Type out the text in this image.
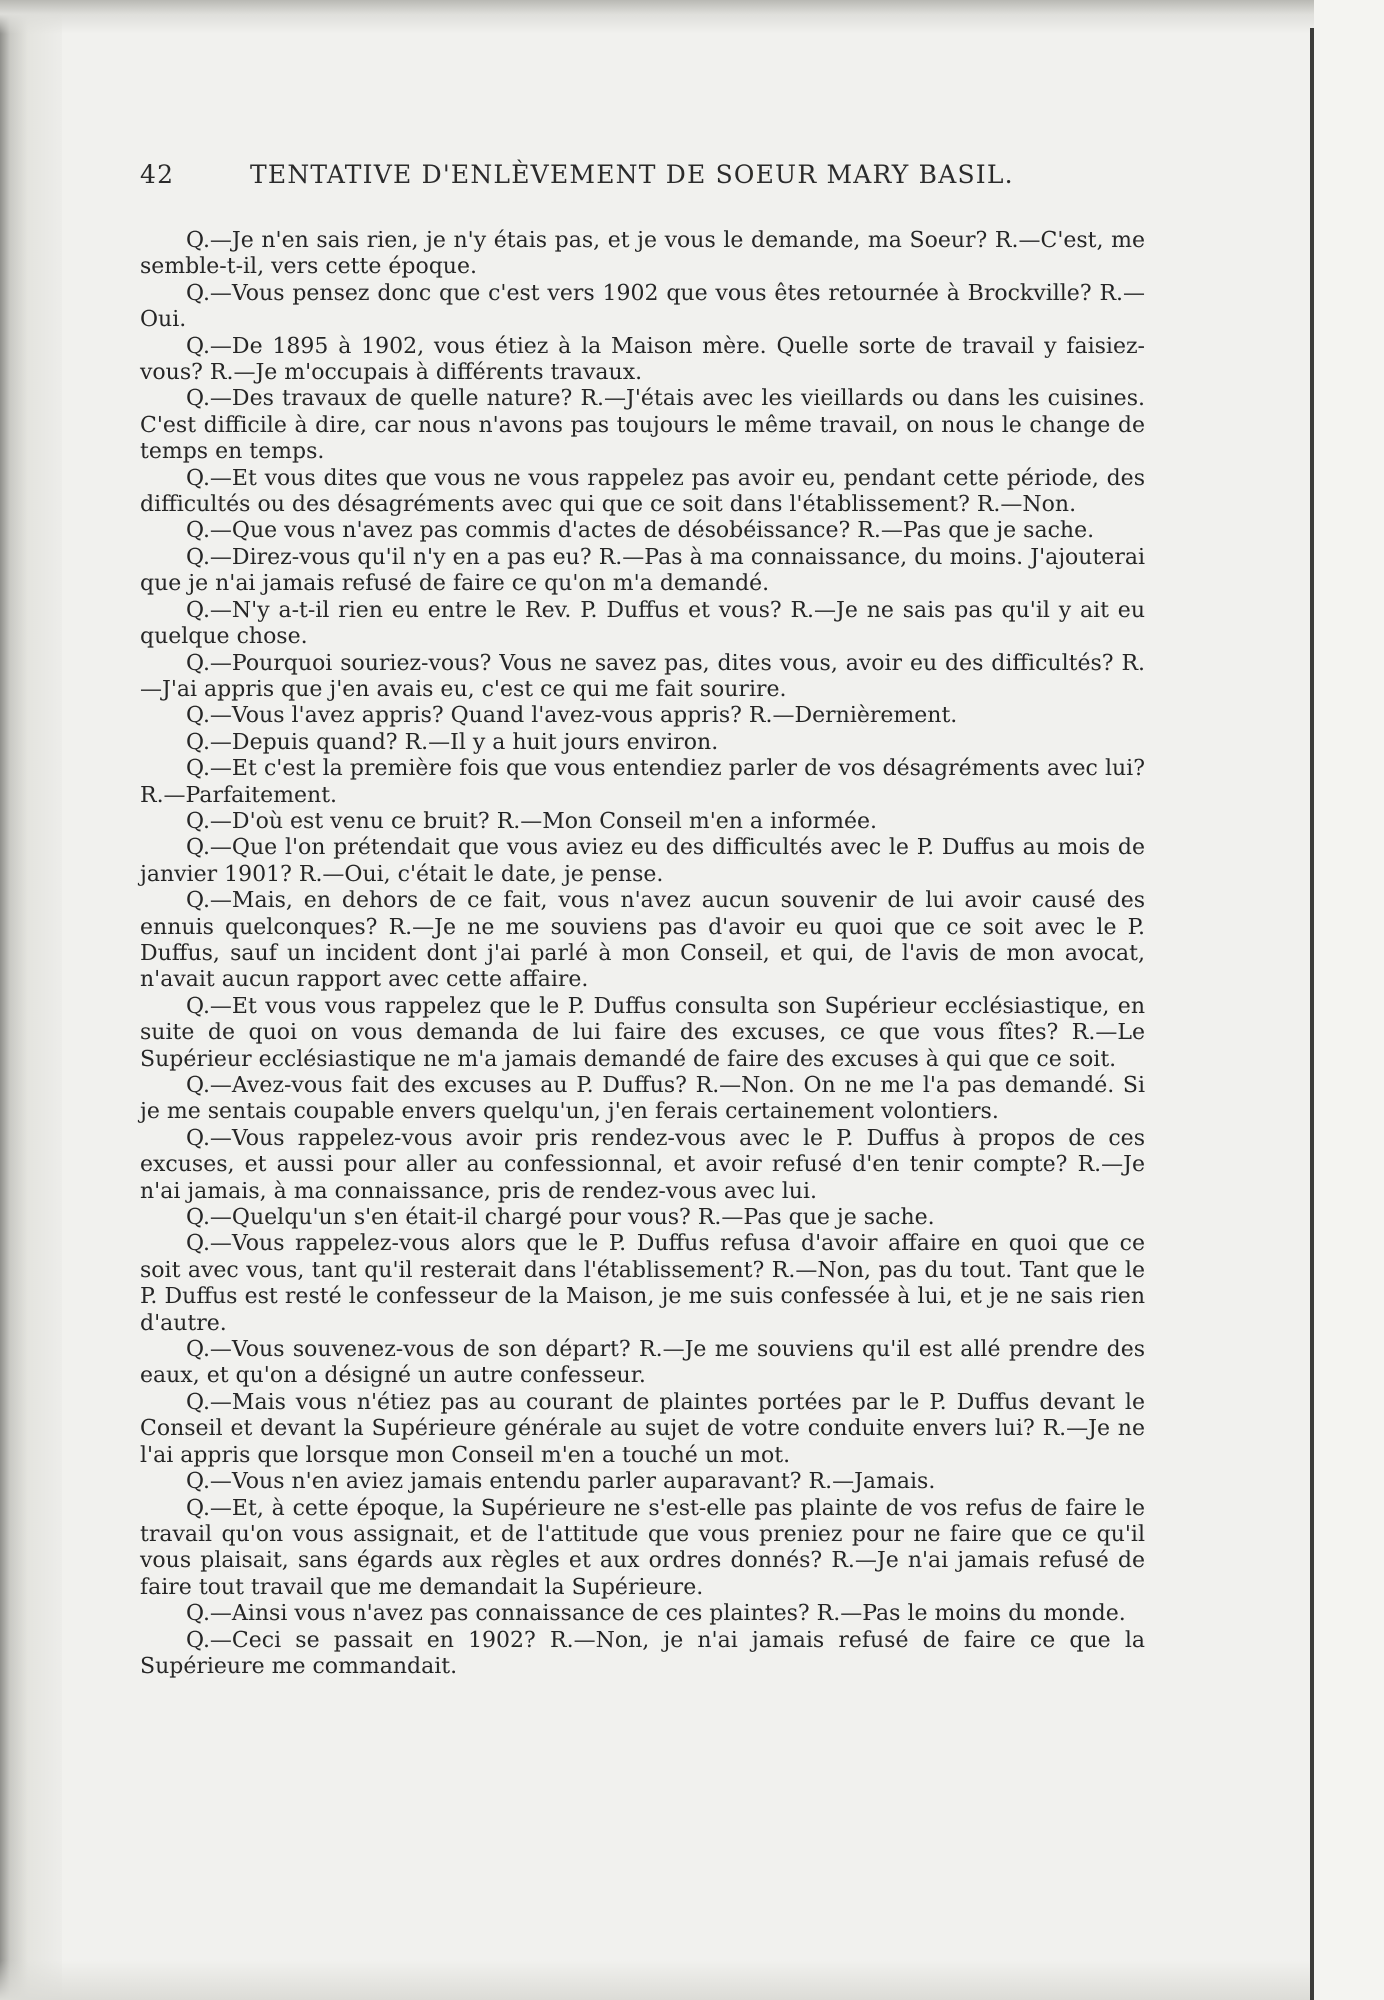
42	TENTATIVE D'ENLÈVEMENT DE SOEUR MARY BASIL.

Q.—Je n'en sais rien, je n'y étais pas, et je vous le demande, ma Soeur? R.—C'est, me semble-t-il, vers cette époque.

Q.—Vous pensez donc que c'est vers 1902 que vous êtes retournée à Brockville? R.—Oui.

Q.—De 1895 à 1902, vous étiez à la Maison mère. Quelle sorte de travail y faisiez-vous? R.—Je m'occupais à différents travaux.

Q.—Des travaux de quelle nature? R.—J'étais avec les vieillards ou dans les cuisines. C'est difficile à dire, car nous n'avons pas toujours le même travail, on nous le change de temps en temps.

Q.—Et vous dites que vous ne vous rappelez pas avoir eu, pendant cette période, des difficultés ou des désagréments avec qui que ce soit dans l'établissement? R.—Non.

Q.—Que vous n'avez pas commis d'actes de désobéissance? R.—Pas que je sache.

Q.—Direz-vous qu'il n'y en a pas eu? R.—Pas à ma connaissance, du moins. J'ajouterai que je n'ai jamais refusé de faire ce qu'on m'a demandé.

Q.—N'y a-t-il rien eu entre le Rev. P. Duffus et vous? R.—Je ne sais pas qu'il y ait eu quelque chose.

Q.—Pourquoi souriez-vous? Vous ne savez pas, dites vous, avoir eu des difficultés? R.—J'ai appris que j'en avais eu, c'est ce qui me fait sourire.

Q.—Vous l'avez appris? Quand l'avez-vous appris? R.—Dernièrement.

Q.—Depuis quand? R.—Il y a huit jours environ.

Q.—Et c'est la première fois que vous entendiez parler de vos désagréments avec lui? R.—Parfaitement.

Q.—D'où est venu ce bruit? R.—Mon Conseil m'en a informée.

Q.—Que l'on prétendait que vous aviez eu des difficultés avec le P. Duffus au mois de janvier 1901? R.—Oui, c'était le date, je pense.

Q.—Mais, en dehors de ce fait, vous n'avez aucun souvenir de lui avoir causé des ennuis quelconques? R.—Je ne me souviens pas d'avoir eu quoi que ce soit avec le P. Duffus, sauf un incident dont j'ai parlé à mon Conseil, et qui, de l'avis de mon avocat, n'avait aucun rapport avec cette affaire.

Q.—Et vous vous rappelez que le P. Duffus consulta son Supérieur ecclésiastique, en suite de quoi on vous demanda de lui faire des excuses, ce que vous fîtes? R.—Le Supérieur ecclésiastique ne m'a jamais demandé de faire des excuses à qui que ce soit.

Q.—Avez-vous fait des excuses au P. Duffus? R.—Non. On ne me l'a pas demandé. Si je me sentais coupable envers quelqu'un, j'en ferais certainement volontiers.

Q.—Vous rappelez-vous avoir pris rendez-vous avec le P. Duffus à propos de ces excuses, et aussi pour aller au confessionnal, et avoir refusé d'en tenir compte? R.—Je n'ai jamais, à ma connaissance, pris de rendez-vous avec lui.

Q.—Quelqu'un s'en était-il chargé pour vous? R.—Pas que je sache.

Q.—Vous rappelez-vous alors que le P. Duffus refusa d'avoir affaire en quoi que ce soit avec vous, tant qu'il resterait dans l'établissement? R.—Non, pas du tout. Tant que le P. Duffus est resté le confesseur de la Maison, je me suis confessée à lui, et je ne sais rien d'autre.

Q.—Vous souvenez-vous de son départ? R.—Je me souviens qu'il est allé prendre des eaux, et qu'on a désigné un autre confesseur.

Q.—Mais vous n'étiez pas au courant de plaintes portées par le P. Duffus devant le Conseil et devant la Supérieure générale au sujet de votre conduite envers lui? R.—Je ne l'ai appris que lorsque mon Conseil m'en a touché un mot.

Q.—Vous n'en aviez jamais entendu parler auparavant? R.—Jamais.

Q.—Et, à cette époque, la Supérieure ne s'est-elle pas plainte de vos refus de faire le travail qu'on vous assignait, et de l'attitude que vous preniez pour ne faire que ce qu'il vous plaisait, sans égards aux règles et aux ordres donnés? R.—Je n'ai jamais refusé de faire tout travail que me demandait la Supérieure.

Q.—Ainsi vous n'avez pas connaissance de ces plaintes? R.—Pas le moins du monde.

Q.—Ceci se passait en 1902? R.—Non, je n'ai jamais refusé de faire ce que la Supérieure me commandait.
